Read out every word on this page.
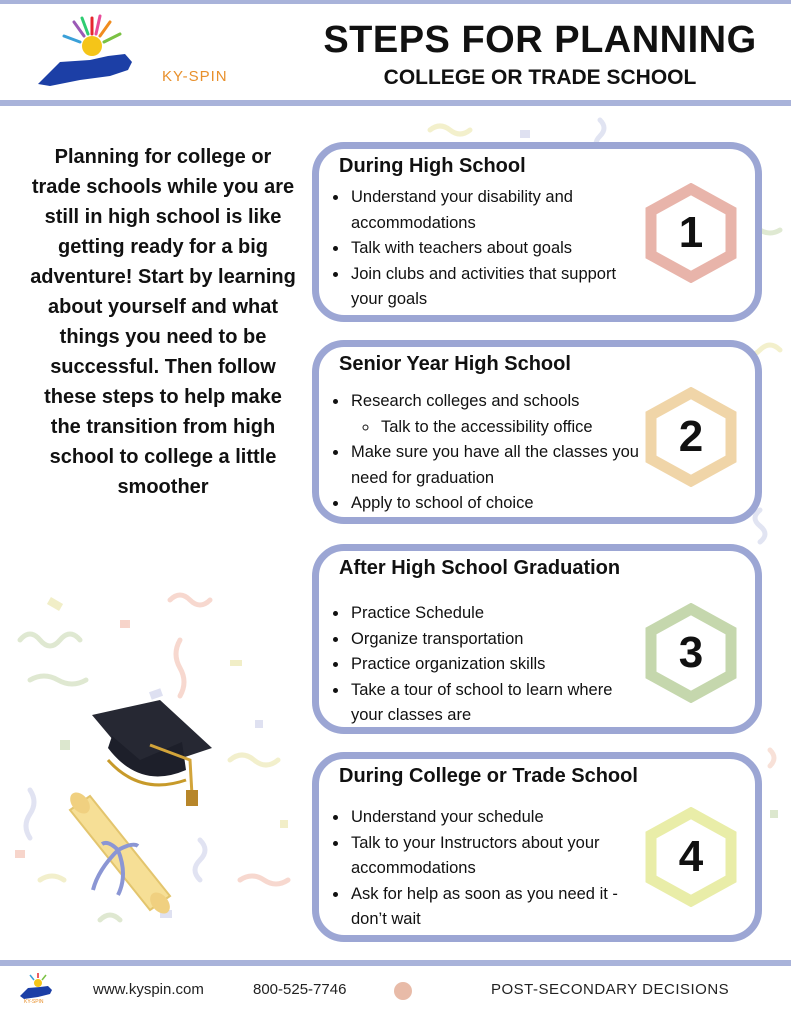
KY-SPIN
STEPS FOR PLANNING
COLLEGE OR TRADE SCHOOL
Planning for college or trade schools while you are still in high school is like getting ready for a big adventure! Start by learning about yourself and what things you need to be successful. Then follow these steps to help make the transition from high school to college a little smoother
During High School
• Understand your disability and accommodations
• Talk with teachers about goals
• Join clubs and activities that support your goals
1
Senior Year High School
• Research colleges and schools
◦ Talk to the accessibility office
• Make sure you have all the classes you need for graduation
• Apply to school of choice
2
After High School Graduation
• Practice Schedule
• Organize transportation
• Practice organization skills
• Take a tour of school to learn where your classes are
3
During College or Trade School
• Understand your schedule
• Talk to your Instructors about your accommodations
• Ask for help as soon as you need it - don’t wait
4
KY-SPIN
www.kyspin.com	800-525-7746	POST-SECONDARY DECISIONS
